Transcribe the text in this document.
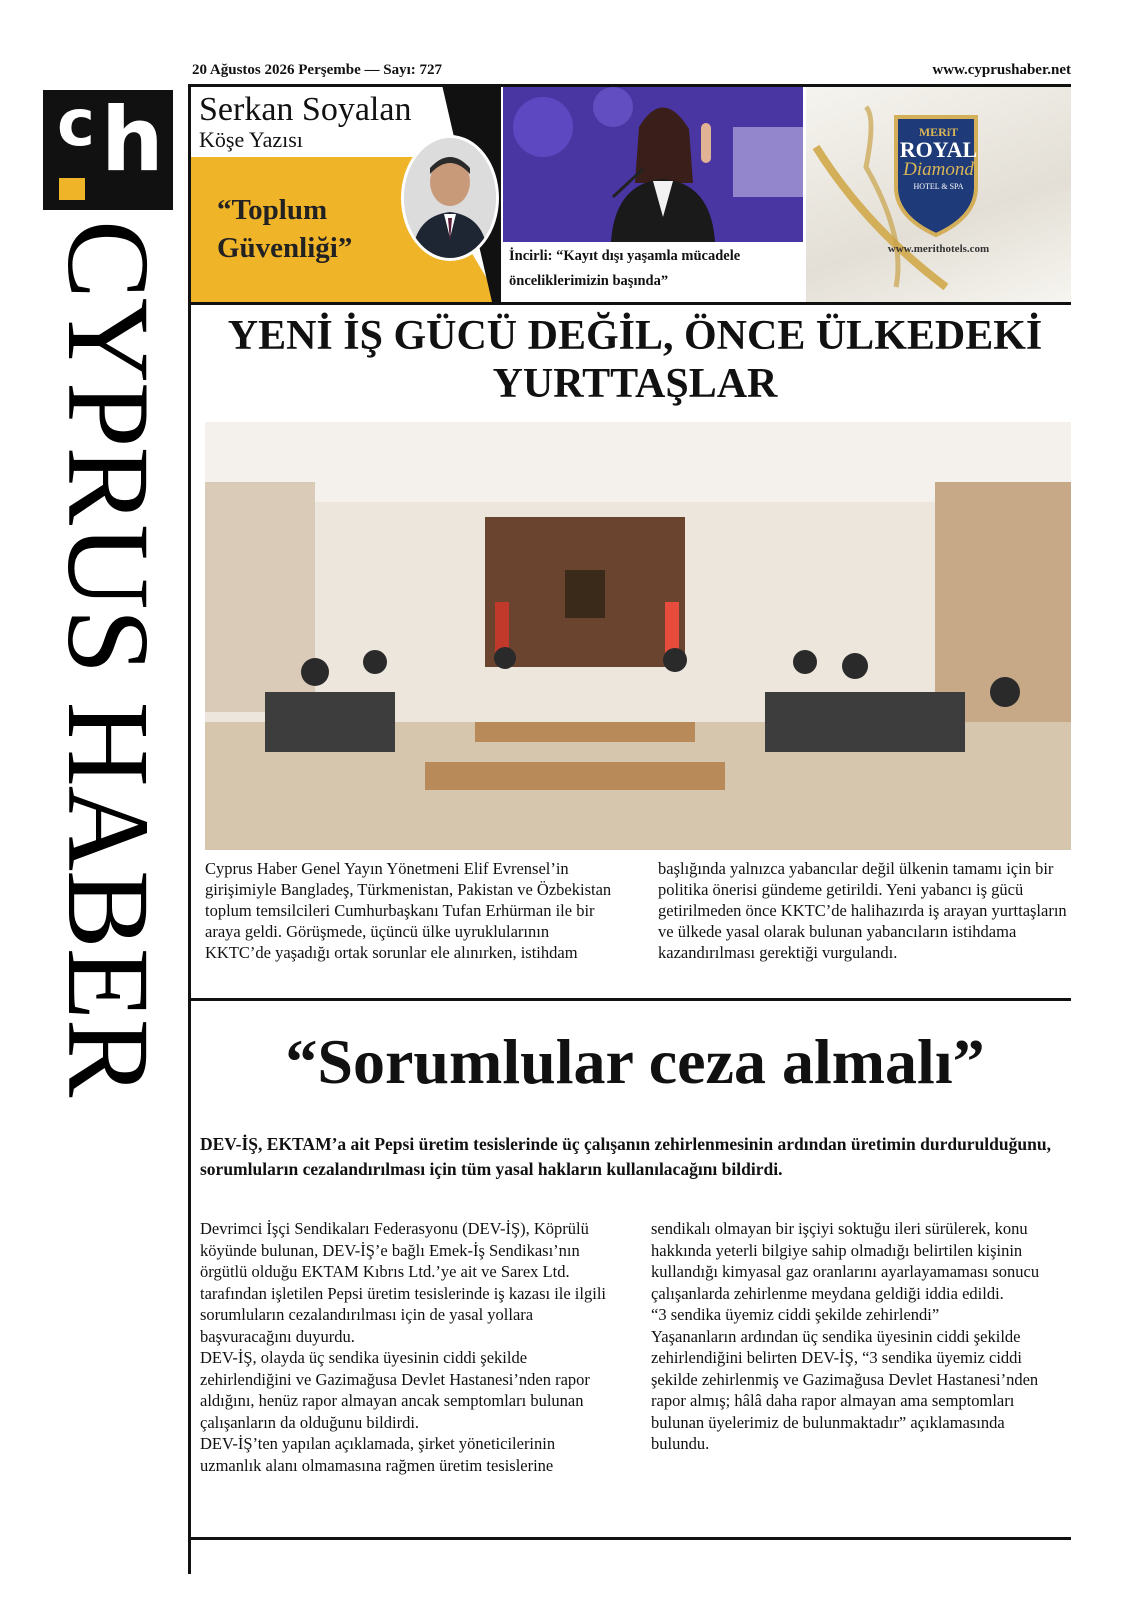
c h
CYPRUS HABER
20 Ağustos 2026 Perşembe — Sayı: 727	www.cyprushaber.net
Serkan Soyalan
Köşe Yazısı
“Toplum Güvenliği”	İncirli: “Kayıt dışı yaşamla mücadele önceliklerimizin başında”
MERiT
ROYAL
Diamond
HOTEL & SPA
www.merithotels.com
YENİ İŞ GÜCÜ DEĞİL, ÖNCE ÜLKEDEKİ YURTTAŞLAR
Cyprus Haber Genel Yayın Yönetmeni Elif Evrensel’in girişimiyle Bangladeş, Türkmenistan, Pakistan ve Özbekistan toplum temsilcileri Cumhurbaşkanı Tufan Erhürman ile bir araya geldi. Görüşmede, üçüncü ülke uyruklularının KKTC’de yaşadığı ortak sorunlar ele alınırken, istihdam başlığında yalnızca yabancılar değil ülkenin tamamı için bir politika önerisi gündeme getirildi. Yeni yabancı iş gücü getirilmeden önce KKTC’de halihazırda iş arayan yurttaşların ve ülkede yasal olarak bulunan yabancıların istihdama kazandırılması gerektiği vurgulandı.
“Sorumlular ceza almalı”
DEV-İŞ, EKTAM’a ait Pepsi üretim tesislerinde üç çalışanın zehirlenmesinin ardından üretimin durdurulduğunu, sorumluların cezalandırılması için tüm yasal hakların kullanılacağını bildirdi.

Devrimci İşçi Sendikaları Federasyonu (DEV-İŞ), Köprülü köyünde bulunan, DEV-İŞ’e bağlı Emek-İş Sendikası’nın örgütlü olduğu EKTAM Kıbrıs Ltd.’ye ait ve Sarex Ltd. tarafından işletilen Pepsi üretim tesislerinde iş kazası ile ilgili sorumluların cezalandırılması için de yasal yollara başvuracağını duyurdu.

DEV-İŞ, olayda üç sendika üyesinin ciddi şekilde zehirlendiğini ve Gazimağusa Devlet Hastanesi’nden rapor aldığını, henüz rapor almayan ancak semptomları bulunan çalışanların da olduğunu bildirdi.

DEV-İŞ’ten yapılan açıklamada, şirket yöneticilerinin uzmanlık alanı olmamasına rağmen üretim tesislerine sendikalı olmayan bir işçiyi soktuğu ileri sürülerek, konu hakkında yeterli bilgiye sahip olmadığı belirtilen kişinin kullandığı kimyasal gaz oranlarını ayarlayamaması sonucu çalışanlarda zehirlenme meydana geldiği iddia edildi.

“3 sendika üyemiz ciddi şekilde zehirlendi”

Yaşananların ardından üç sendika üyesinin ciddi şekilde zehirlendiğini belirten DEV-İŞ, “3 sendika üyemiz ciddi şekilde zehirlenmiş ve Gazimağusa Devlet Hastanesi’nden rapor almış; hâlâ daha rapor almayan ama semptomları bulunan üyelerimiz de bulunmaktadır” açıklamasında bulundu.
